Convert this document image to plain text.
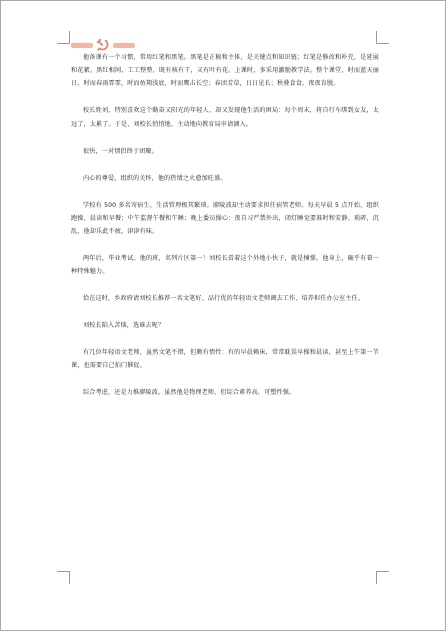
他备课有一个习惯，常用红笔和黑笔。黑笔是正稿和主体，是关键点和知识链；红笔是修改和补充，是延展和花絮。黑红相间，工工整整，既有核有干，又有叶有花。上课时，多采用激励教学法。整个课堂，时而蓝天丽日，时而春雨霏霏，时而鱼翔浅底，时而鹰击长空；春团芳草，日日见长；秋叠食食，夜夜育脱。

校长姓刘，特别喜欢这个勤奋又阳光的年轻人，却又发现他生活的困局：每个周末，将自行车绑到女友，太远了，太累了。于是，刘校长悄悄地、主动地向教育局申请调入。

很快，一对情侣终于团聚。

内心的尊爱，组织的关怀，他的热情之火愈加旺盛。

学校有 500 多名寄宿生，生活管理极其繁琐。廖陵波却主动要求担任宿管老师。每天早晨 5 点开始，组织跑操、晨读和早餐；中午监督午餐和午睡；晚上委员操心：夜自习严禁外出，闭灯睡觉要准时和安静。琐碎，沉乱，他却乐此不疲，津津有味。

两年后，毕业考试。他的班，名列片区第一！刘校长看着这个外地小伙子，就是憧憬。他身上，确乎有着一种特殊魅力。

恰在这时，乡政府请刘校长推荐一名文笔好、品行优的年轻语文老师调去工作，培养担任办公室主任。

刘校长陷入苦恼，选谁去呢？

有几位年轻语文老师，虽然文笔不错，但颇有惰性：有的早晨赖床，常常耽误早操和晨读，甚至上午第一节课，也需要自己拍门催促。

综合考虑，还是力推廖陵波。虽然他是物理老师，但综合素养高，可塑性强。
